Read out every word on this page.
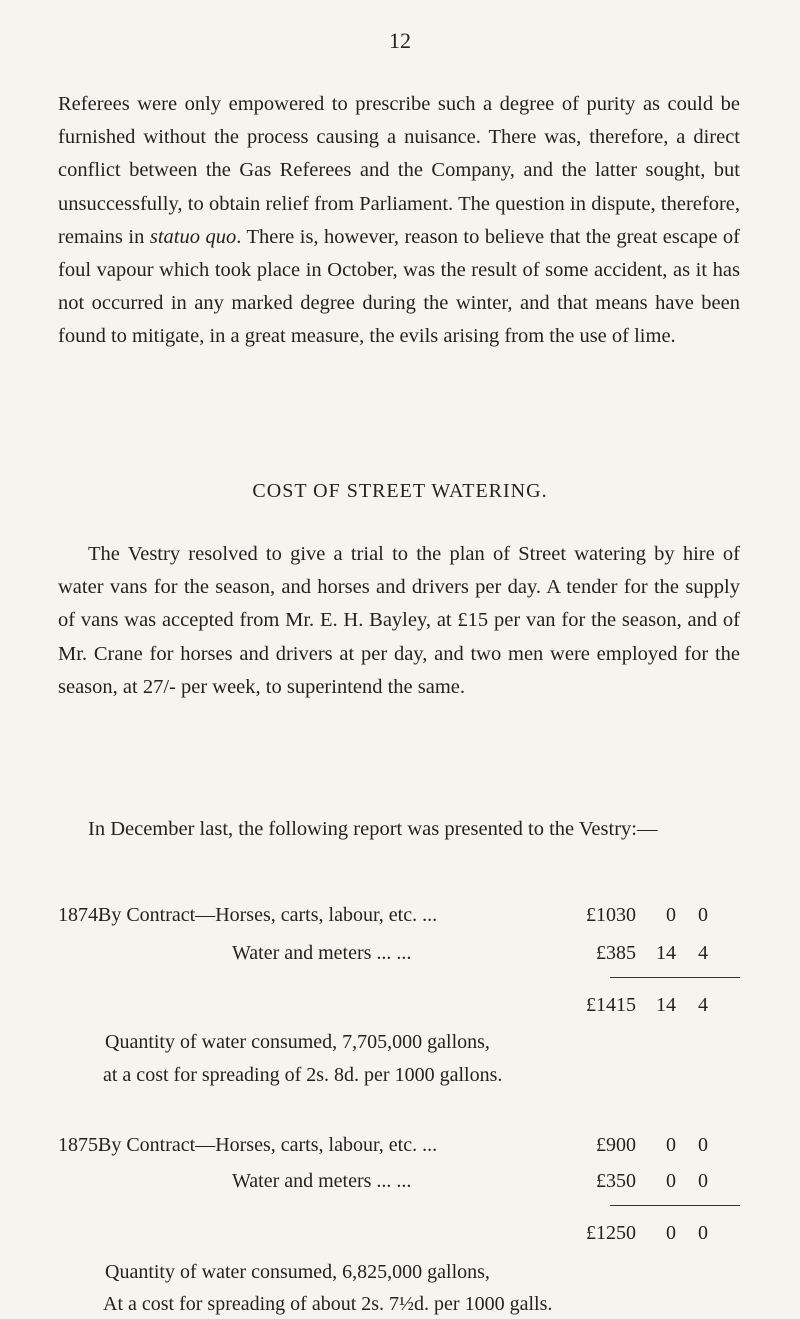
12

Referees were only empowered to prescribe such a degree of purity as could be furnished without the process causing a nuisance. There was, therefore, a direct conflict between the Gas Referees and the Company, and the latter sought, but unsuccessfully, to obtain relief from Parliament. The question in dispute, therefore, remains in statuo quo. There is, however, reason to believe that the great escape of foul vapour which took place in October, was the result of some accident, as it has not occurred in any marked degree during the winter, and that means have been found to mitigate, in a great measure, the evils arising from the use of lime.

COST OF STREET WATERING.

The Vestry resolved to give a trial to the plan of Street watering by hire of water vans for the season, and horses and drivers per day. A tender for the supply of vans was accepted from Mr. E. H. Bayley, at £15 per van for the season, and of Mr. Crane for horses and drivers at per day, and two men were employed for the season, at 27/- per week, to superintend the same.

In December last, the following report was presented to the Vestry:—

1874.
By Contract—Horses, carts, labour, etc. ...	£1030 0 0
Water and meters ... ...	£385 14 4
£1415 14 4
Quantity of water consumed, 7,705,000 gallons,
at a cost for spreading of 2s. 8d. per 1000 gallons.
1875.
By Contract—Horses, carts, labour, etc. ...	£900 0 0
Water and meters ... ...	£350 0 0
£1250 0 0
Quantity of water consumed, 6,825,000 gallons,
At a cost for spreading of about 2s. 7½d. per 1000 galls.
